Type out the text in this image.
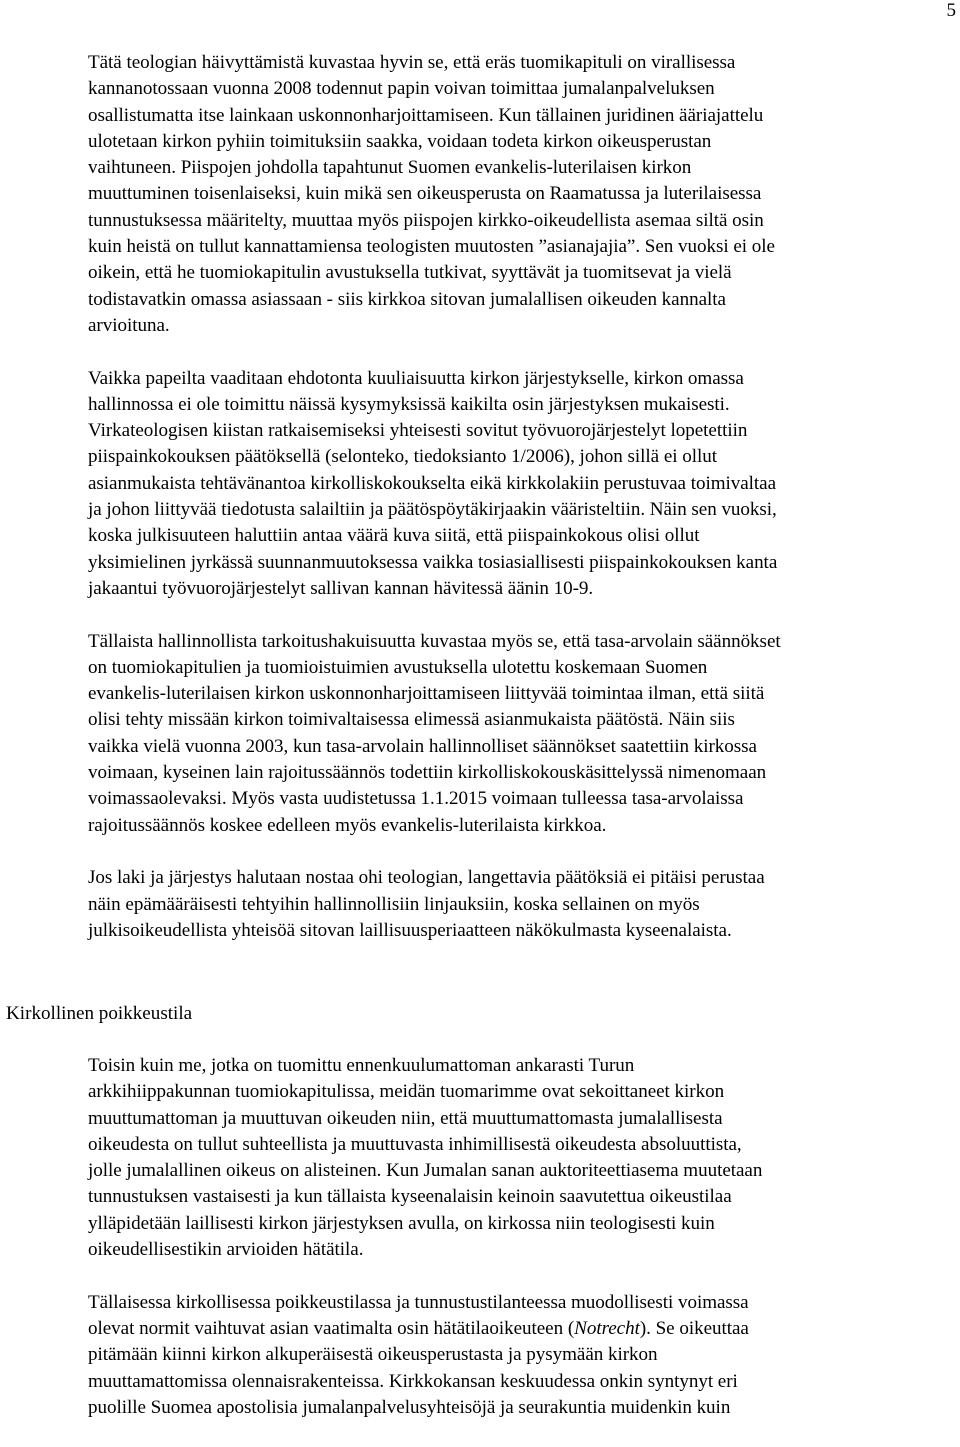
5

Tätä teologian häivyttämistä kuvastaa hyvin se, että eräs tuomikapituli on virallisessa
kannanotossaan vuonna 2008 todennut papin voivan toimittaa jumalanpalveluksen
osallistumatta itse lainkaan uskonnonharjoittamiseen. Kun tällainen juridinen ääriajattelu
ulotetaan kirkon pyhiin toimituksiin saakka, voidaan todeta kirkon oikeusperustan
vaihtuneen. Piispojen johdolla tapahtunut Suomen evankelis-luterilaisen kirkon
muuttuminen toisenlaiseksi, kuin mikä sen oikeusperusta on Raamatussa ja luterilaisessa
tunnustuksessa määritelty, muuttaa myös piispojen kirkko-oikeudellista asemaa siltä osin
kuin heistä on tullut kannattamiensa teologisten muutosten ”asianajajia”. Sen vuoksi ei ole
oikein, että he tuomiokapitulin avustuksella tutkivat, syyttävät ja tuomitsevat ja vielä
todistavatkin omassa asiassaan - siis kirkkoa sitovan jumalallisen oikeuden kannalta
arvioituna.

Vaikka papeilta vaaditaan ehdotonta kuuliaisuutta kirkon järjestykselle, kirkon omassa
hallinnossa ei ole toimittu näissä kysymyksissä kaikilta osin järjestyksen mukaisesti.
Virkateologisen kiistan ratkaisemiseksi yhteisesti sovitut työvuorojärjestelyt lopetettiin
piispainkokouksen päätöksellä (selonteko, tiedoksianto 1/2006), johon sillä ei ollut
asianmukaista tehtävänantoa kirkolliskokoukselta eikä kirkkolakiin perustuvaa toimivaltaa
ja johon liittyvää tiedotusta salailtiin ja päätöspöytäkirjaakin vääristeltiin. Näin sen vuoksi,
koska julkisuuteen haluttiin antaa väärä kuva siitä, että piispainkokous olisi ollut
yksimielinen jyrkässä suunnanmuutoksessa vaikka tosiasiallisesti piispainkokouksen kanta
jakaantui työvuorojärjestelyt sallivan kannan hävitessä äänin 10-9.

Tällaista hallinnollista tarkoitushakuisuutta kuvastaa myös se, että tasa-arvolain säännökset
on tuomiokapitulien ja tuomioistuimien avustuksella ulotettu koskemaan Suomen
evankelis-luterilaisen kirkon uskonnonharjoittamiseen liittyvää toimintaa ilman, että siitä
olisi tehty missään kirkon toimivaltaisessa elimessä asianmukaista päätöstä. Näin siis
vaikka vielä vuonna 2003, kun tasa-arvolain hallinnolliset säännökset saatettiin kirkossa
voimaan, kyseinen lain rajoitussäännös todettiin kirkolliskokouskäsittelyssä nimenomaan
voimassaolevaksi. Myös vasta uudistetussa 1.1.2015 voimaan tulleessa tasa-arvolaissa
rajoitussäännös koskee edelleen myös evankelis-luterilaista kirkkoa.

Jos laki ja järjestys halutaan nostaa ohi teologian, langettavia päätöksiä ei pitäisi perustaa
näin epämääräisesti tehtyihin hallinnollisiin linjauksiin, koska sellainen on myös
julkisoikeudellista yhteisöä sitovan laillisuusperiaatteen näkökulmasta kyseenalaista.

Kirkollinen poikkeustila

Toisin kuin me, jotka on tuomittu ennenkuulumattoman ankarasti Turun
arkkihiippakunnan tuomiokapitulissa, meidän tuomarimme ovat sekoittaneet kirkon
muuttumattoman ja muuttuvan oikeuden niin, että muuttumattomasta jumalallisesta
oikeudesta on tullut suhteellista ja muuttuvasta inhimillisestä oikeudesta absoluuttista,
jolle jumalallinen oikeus on alisteinen. Kun Jumalan sanan auktoriteettiasema muutetaan
tunnustuksen vastaisesti ja kun tällaista kyseenalaisin keinoin saavutettua oikeustilaa
ylläpidetään laillisesti kirkon järjestyksen avulla, on kirkossa niin teologisesti kuin
oikeudellisestikin arvioiden hätätila.

Tällaisessa kirkollisessa poikkeustilassa ja tunnustustilanteessa muodollisesti voimassa
olevat normit vaihtuvat asian vaatimalta osin hätätilaoikeuteen (Notrecht). Se oikeuttaa
pitämään kiinni kirkon alkuperäisestä oikeusperustasta ja pysymään kirkon
muuttamattomissa olennaisrakenteissa. Kirkkokansan keskuudessa onkin syntynyt eri
puolille Suomea apostolisia jumalanpalvelusyhteisöjä ja seurakuntia muidenkin kuin
